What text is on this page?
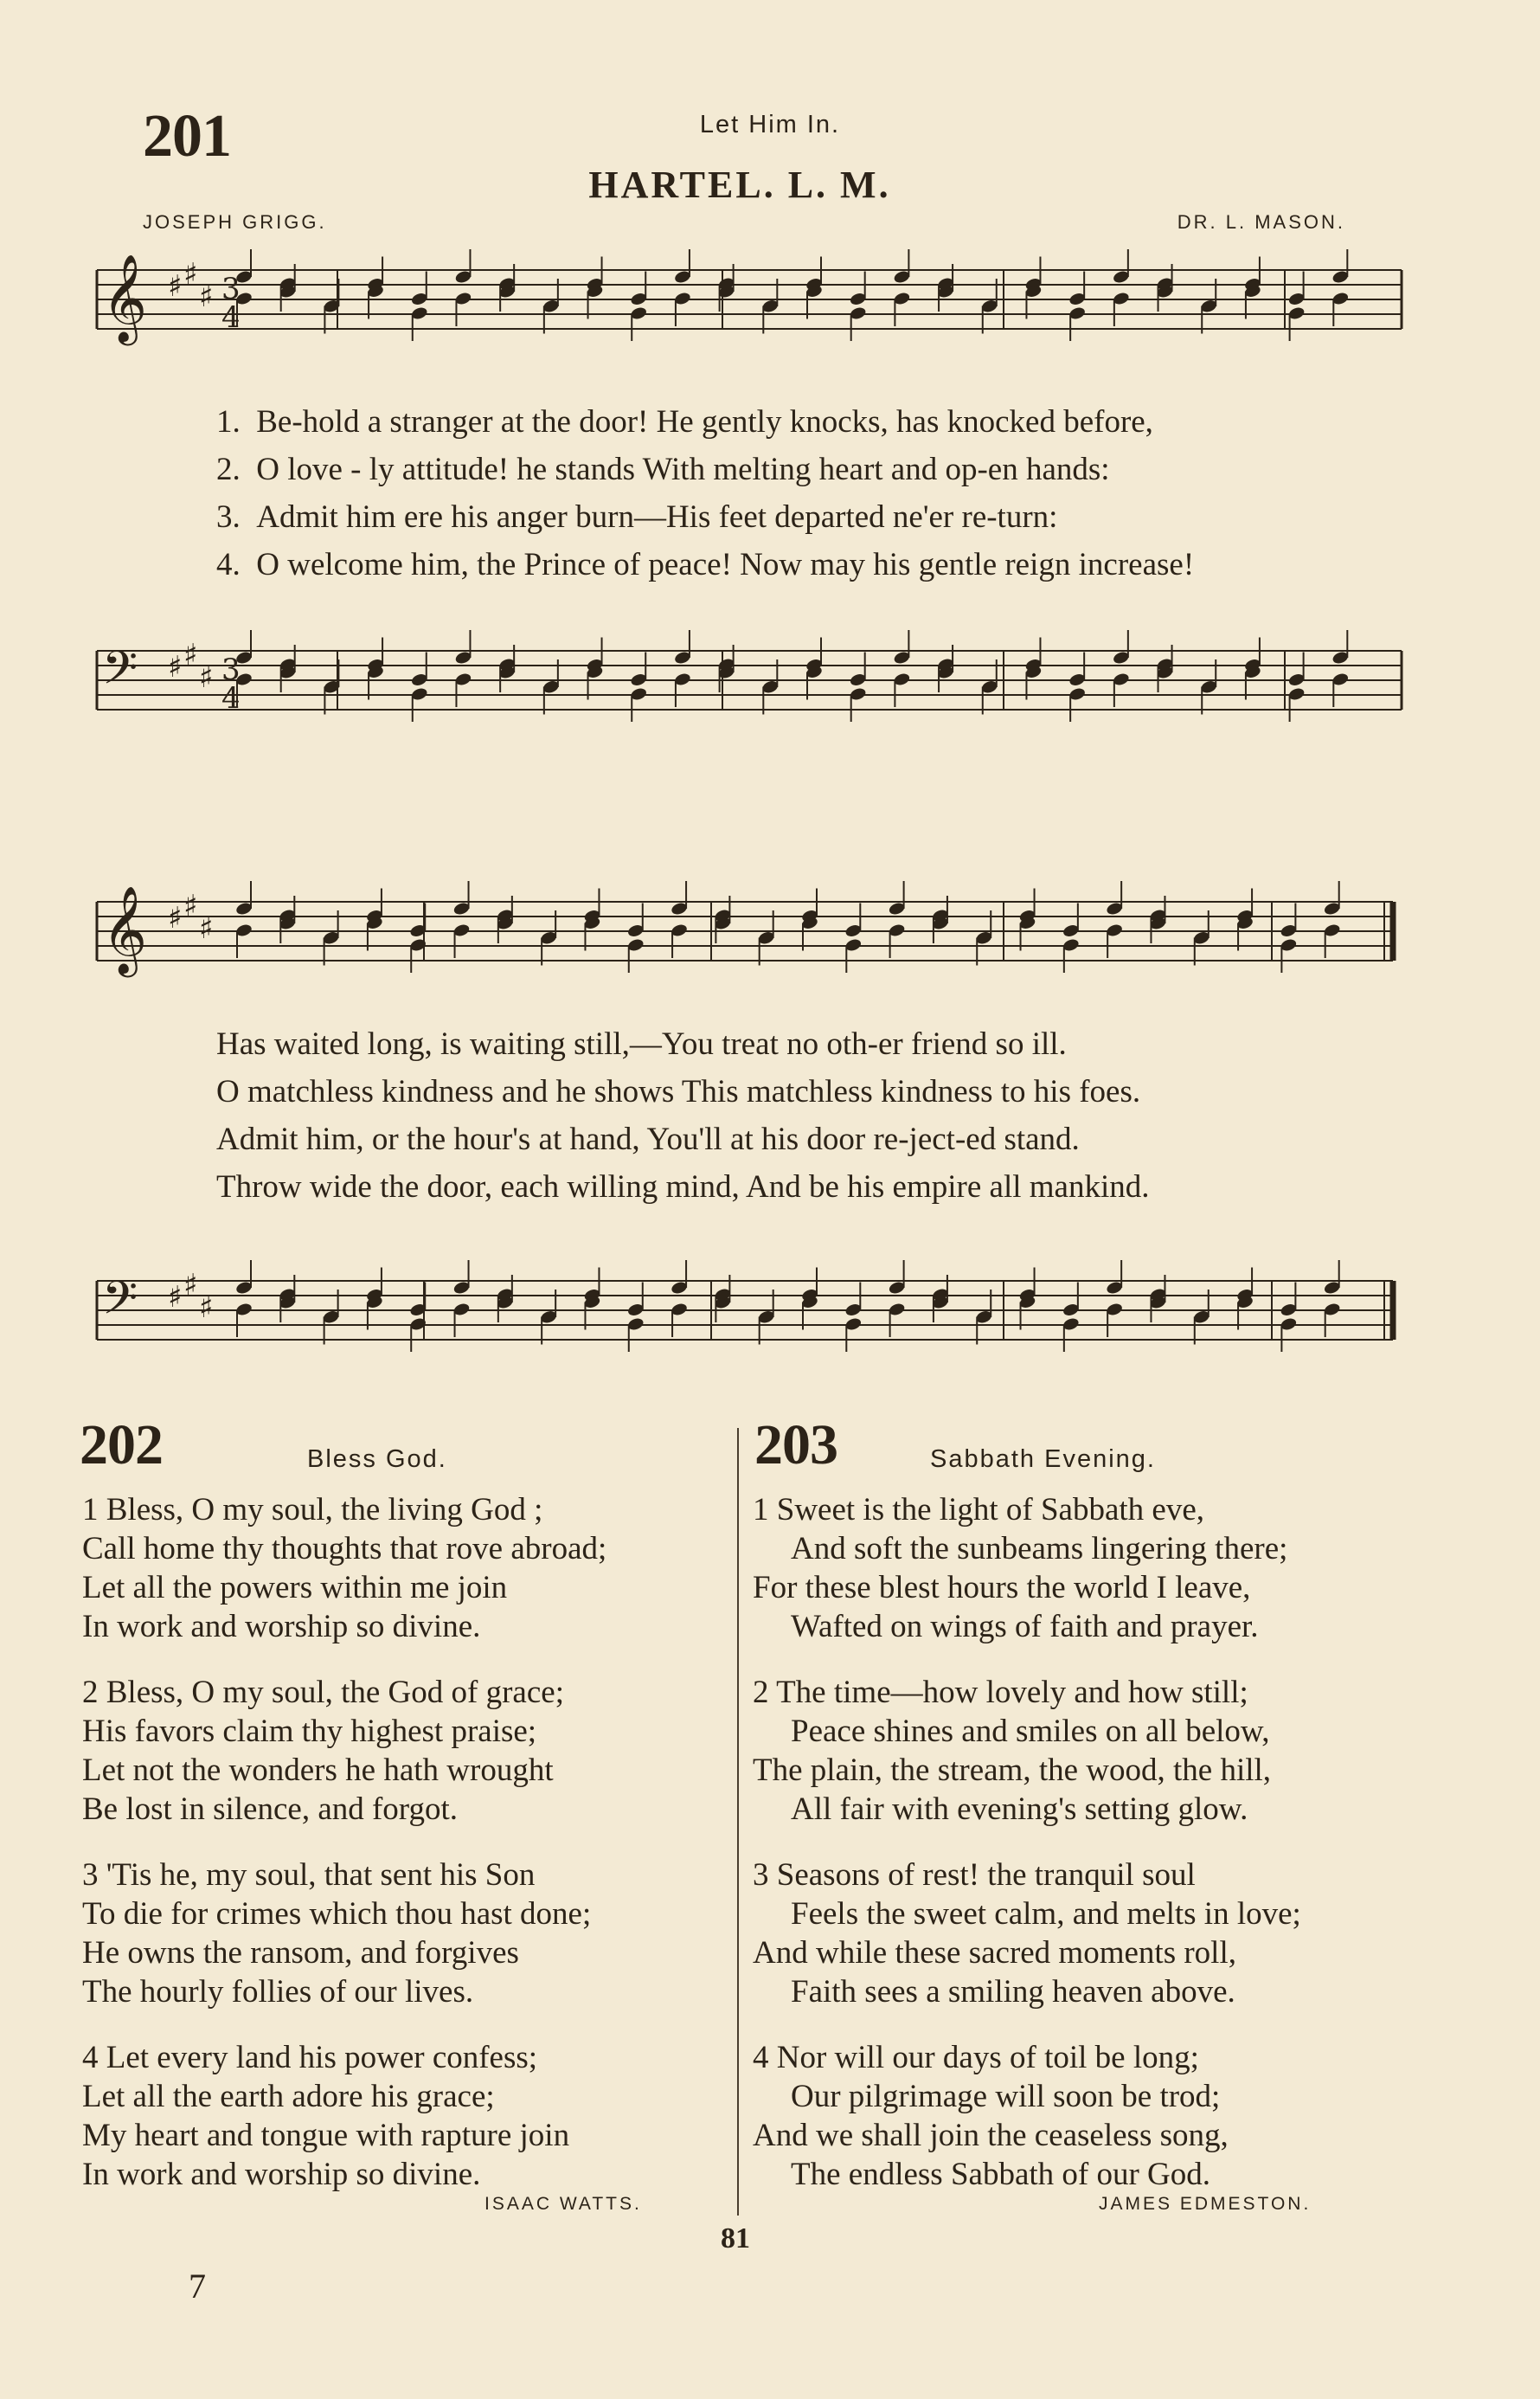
201	Let Him In.
HARTEL. L. M.
JOSEPH GRIGG.	DR. L. MASON.
𝄞 ♯ ♯
♯
𝄢 ♯ ♯
♯
𝄞 ♯ ♯
♯
𝄢 ♯ ♯
♯
3
4
3
4
1. Be-hold a stranger at the door! He gently knocks, has knocked before,
2. O love - ly attitude! he stands With melting heart and op-en hands:
3. Admit him ere his anger burn—His feet departed ne'er re-turn:
4. O welcome him, the Prince of peace! Now may his gentle reign increase!
Has waited long, is waiting still,—You treat no oth-er friend so ill.
O matchless kindness and he shows This matchless kindness to his foes.
Admit him, or the hour's at hand, You'll at his door re-ject-ed stand.
Throw wide the door, each willing mind, And be his empire all mankind.
202	Bless God.
1 Bless, O my soul, the living God ;
Call home thy thoughts that rove abroad;
Let all the powers within me join
In work and worship so divine.
2 Bless, O my soul, the God of grace;
His favors claim thy highest praise;
Let not the wonders he hath wrought
Be lost in silence, and forgot.
3 'Tis he, my soul, that sent his Son
To die for crimes which thou hast done;
He owns the ransom, and forgives
The hourly follies of our lives.
4 Let every land his power confess;
Let all the earth adore his grace;
My heart and tongue with rapture join
In work and worship so divine.
ISAAC WATTS.
203	Sabbath Evening.
1 Sweet is the light of Sabbath eve,
And soft the sunbeams lingering there;
For these blest hours the world I leave,
Wafted on wings of faith and prayer.
2 The time—how lovely and how still;
Peace shines and smiles on all below,
The plain, the stream, the wood, the hill,
All fair with evening's setting glow.
3 Seasons of rest! the tranquil soul
Feels the sweet calm, and melts in love;
And while these sacred moments roll,
Faith sees a smiling heaven above.
4 Nor will our days of toil be long;
Our pilgrimage will soon be trod;
And we shall join the ceaseless song,
The endless Sabbath of our God.
JAMES EDMESTON.
81
7
